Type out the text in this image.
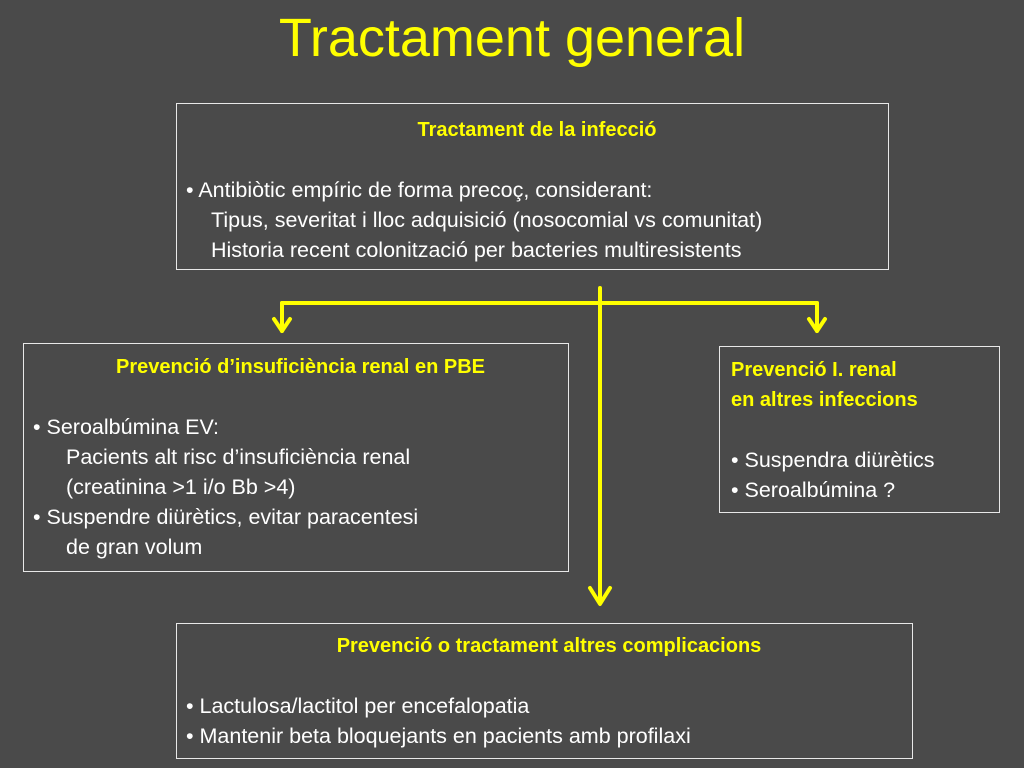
Tractament general
Tractament de la infecció
• Antibiòtic empíric de forma precoç, considerant:
Tipus, severitat i lloc adquisició (nosocomial vs comunitat)
Historia recent colonització per bacteries multiresistents
Prevenció d’insuficiència renal en PBE
• Seroalbúmina EV:
Pacients alt risc d’insuficiència renal
(creatinina >1 i/o Bb >4)
• Suspendre diürètics, evitar paracentesi
de gran volum
Prevenció I. renal
en altres infeccions
• Suspendra diürètics
• Seroalbúmina ?
Prevenció o tractament altres complicacions
• Lactulosa/lactitol per encefalopatia
• Mantenir beta bloquejants en pacients amb profilaxi
